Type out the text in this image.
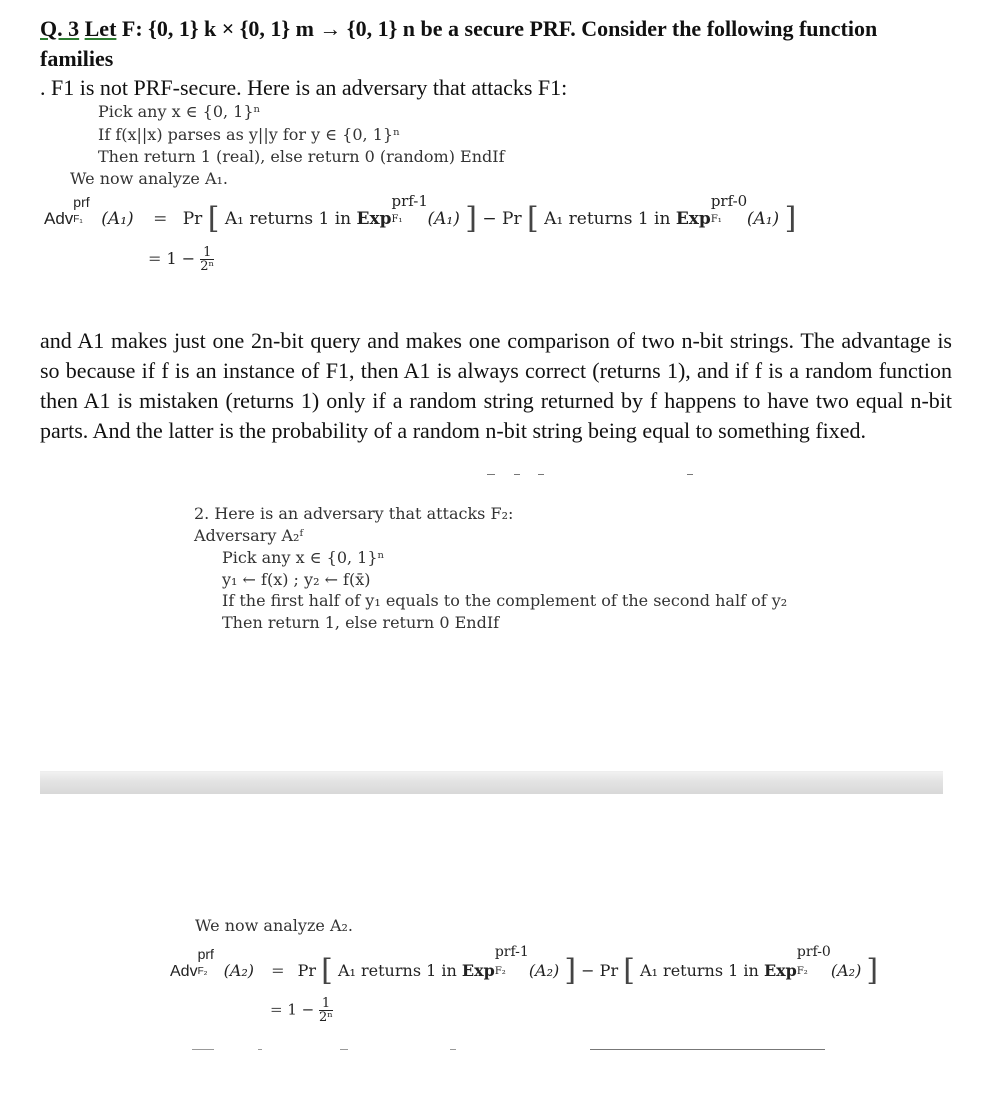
Q. 3 Let F: {0, 1} k × {0, 1} m → {0, 1} n be a secure PRF. Consider the following function
families
. F1 is not PRF-secure. Here is an adversary that attacks F1:
Pick any x ∈ {0, 1}ⁿ
If f(x||x) parses as y||y for y ∈ {0, 1}ⁿ
Then return 1 (real), else return 0 (random) EndIf
We now analyze A₁.
Adv
prf
F₁ (A₁) = Pr [ A₁ returns 1 in Exp
prf-1
F₁ (A₁) ] − Pr [ A₁ returns 1 in Exp
prf-0
F₁ (A₁) ]
= $1 - \frac{1}{\text{2ⁿ}}$
and A1 makes just one 2n-bit query and makes one comparison of two n-bit strings. The advantage is so because if f is an instance of F1, then A1 is always correct (returns 1), and if f is a random function then A1 is mistaken (returns 1) only if a random string returned by f happens to have two equal n-bit parts. And the latter is the probability of a random n-bit string being equal to something fixed.
2. Here is an adversary that attacks F₂:
Adversary A₂ᶠ
Pick any x ∈ {0, 1}ⁿ
y₁ ← f(x) ; y₂ ← f(x̄)
If the first half of y₁ equals to the complement of the second half of y₂
Then return 1, else return 0 EndIf
We now analyze A₂.
Adv
prf
F₂ (A₂) = Pr [ A₁ returns 1 in Exp
prf-1
F₂ (A₂) ] − Pr [ A₁ returns 1 in Exp
prf-0
F₂ (A₂) ]
= $1 - \frac{1}{\text{2ⁿ}}$
